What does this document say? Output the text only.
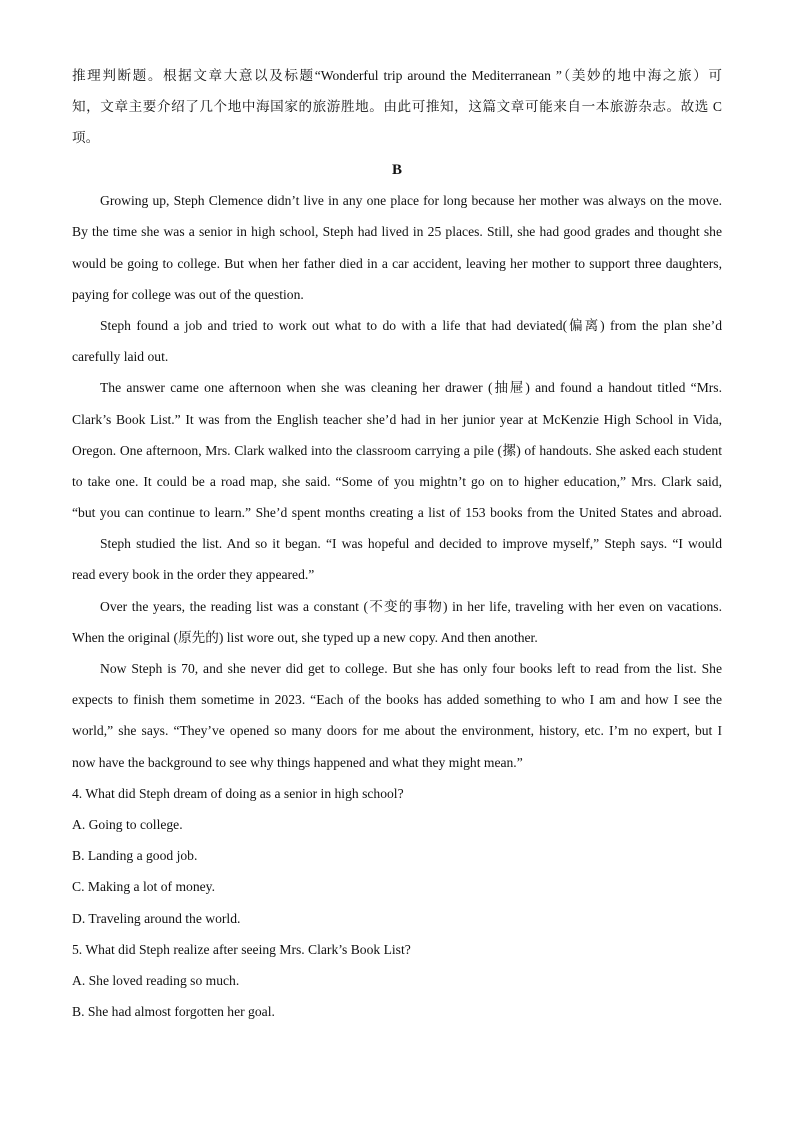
推理判断题。根据文章大意以及标题“Wonderful trip around the Mediterranean ”（美妙的地中海之旅）可
知，文章主要介绍了几个地中海国家的旅游胜地。由此可推知，这篇文章可能来自一本旅游杂志。故选 C
项。
B
Growing up, Steph Clemence didn’t live in any one place for long because her mother was always on the move.
By the time she was a senior in high school, Steph had lived in 25 places. Still, she had good grades and thought she
would be going to college. But when her father died in a car accident, leaving her mother to support three daughters,
paying for college was out of the question.
Steph found a job and tried to work out what to do with a life that had deviated(偏离) from the plan she’d
carefully laid out.
The answer came one afternoon when she was cleaning her drawer (抽屉) and found a handout titled “Mrs.
Clark’s Book List.” It was from the English teacher she’d had in her junior year at McKenzie High School in Vida,
Oregon. One afternoon, Mrs. Clark walked into the classroom carrying a pile (摞) of handouts. She asked each student
to take one. It could be a road map, she said. “Some of you mightn’t go on to higher education,” Mrs. Clark said,
“but you can continue to learn.” She’d spent months creating a list of 153 books from the United States and abroad.
Steph studied the list. And so it began. “I was hopeful and decided to improve myself,” Steph says. “I would
read every book in the order they appeared.”
Over the years, the reading list was a constant (不变的事物) in her life, traveling with her even on vacations.
When the original (原先的) list wore out, she typed up a new copy. And then another.
Now Steph is 70, and she never did get to college. But she has only four books left to read from the list. She
expects to finish them sometime in 2023. “Each of the books has added something to who I am and how I see the
world,” she says. “They’ve opened so many doors for me about the environment, history, etc. I’m no expert, but I
now have the background to see why things happened and what they might mean.”
4. What did Steph dream of doing as a senior in high school?
A. Going to college.
B. Landing a good job.
C. Making a lot of money.
D. Traveling around the world.
5. What did Steph realize after seeing Mrs. Clark’s Book List?
A. She loved reading so much.
B. She had almost forgotten her goal.
